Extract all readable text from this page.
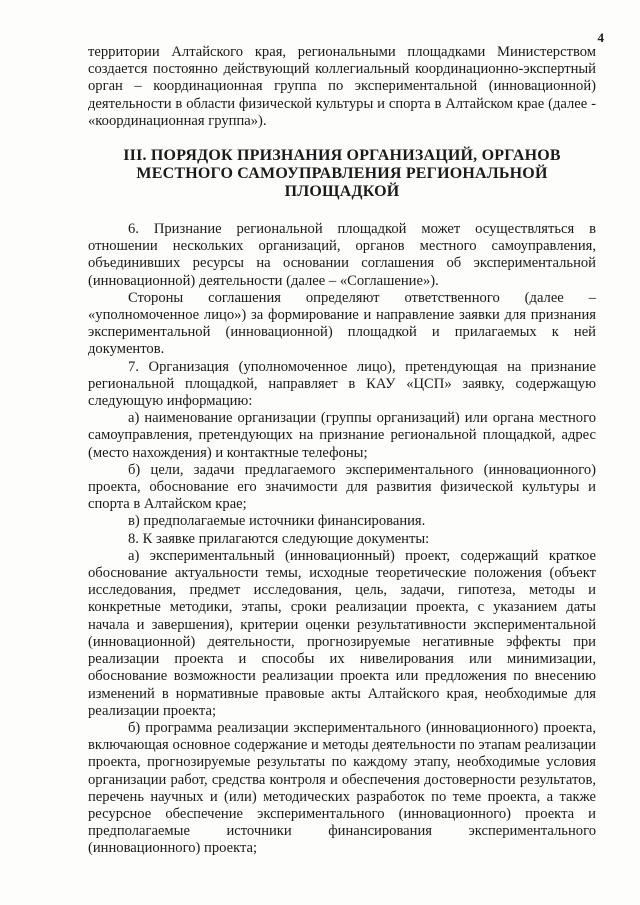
4

территории Алтайского края, региональными площадками Министерством создается постоянно действующий коллегиальный координационно-экспертный орган – координационная группа по экспериментальной (инновационной) деятельности в области физической культуры и спорта в Алтайском крае (далее - «координационная группа»).

III. ПОРЯДОК ПРИЗНАНИЯ ОРГАНИЗАЦИЙ, ОРГАНОВ МЕСТНОГО САМОУПРАВЛЕНИЯ РЕГИОНАЛЬНОЙ ПЛОЩАДКОЙ

6. Признание региональной площадкой может осуществляться в отношении нескольких организаций, органов местного самоуправления, объединивших ресурсы на основании соглашения об экспериментальной (инновационной) деятельности (далее – «Соглашение»).

Стороны соглашения определяют ответственного (далее – «уполномоченное лицо») за формирование и направление заявки для признания экспериментальной (инновационной) площадкой и прилагаемых к ней документов.

7. Организация (уполномоченное лицо), претендующая на признание региональной площадкой, направляет в КАУ «ЦСП» заявку, содержащую следующую информацию:

а) наименование организации (группы организаций) или органа местного самоуправления, претендующих на признание региональной площадкой, адрес (место нахождения) и контактные телефоны;

б) цели, задачи предлагаемого экспериментального (инновационного) проекта, обоснование его значимости для развития физической культуры и спорта в Алтайском крае;

в) предполагаемые источники финансирования.

8. К заявке прилагаются следующие документы:

а) экспериментальный (инновационный) проект, содержащий краткое обоснование актуальности темы, исходные теоретические положения (объект исследования, предмет исследования, цель, задачи, гипотеза, методы и конкретные методики, этапы, сроки реализации проекта, с указанием даты начала и завершения), критерии оценки результативности экспериментальной (инновационной) деятельности, прогнозируемые негативные эффекты при реализации проекта и способы их нивелирования или минимизации, обоснование возможности реализации проекта или предложения по внесению изменений в нормативные правовые акты Алтайского края, необходимые для реализации проекта;

б) программа реализации экспериментального (инновационного) проекта, включающая основное содержание и методы деятельности по этапам реализации проекта, прогнозируемые результаты по каждому этапу, необходимые условия организации работ, средства контроля и обеспечения достоверности результатов, перечень научных и (или) методических разработок по теме проекта, а также ресурсное обеспечение экспериментального (инновационного) проекта и предполагаемые источники финансирования экспериментального (инновационного) проекта;
